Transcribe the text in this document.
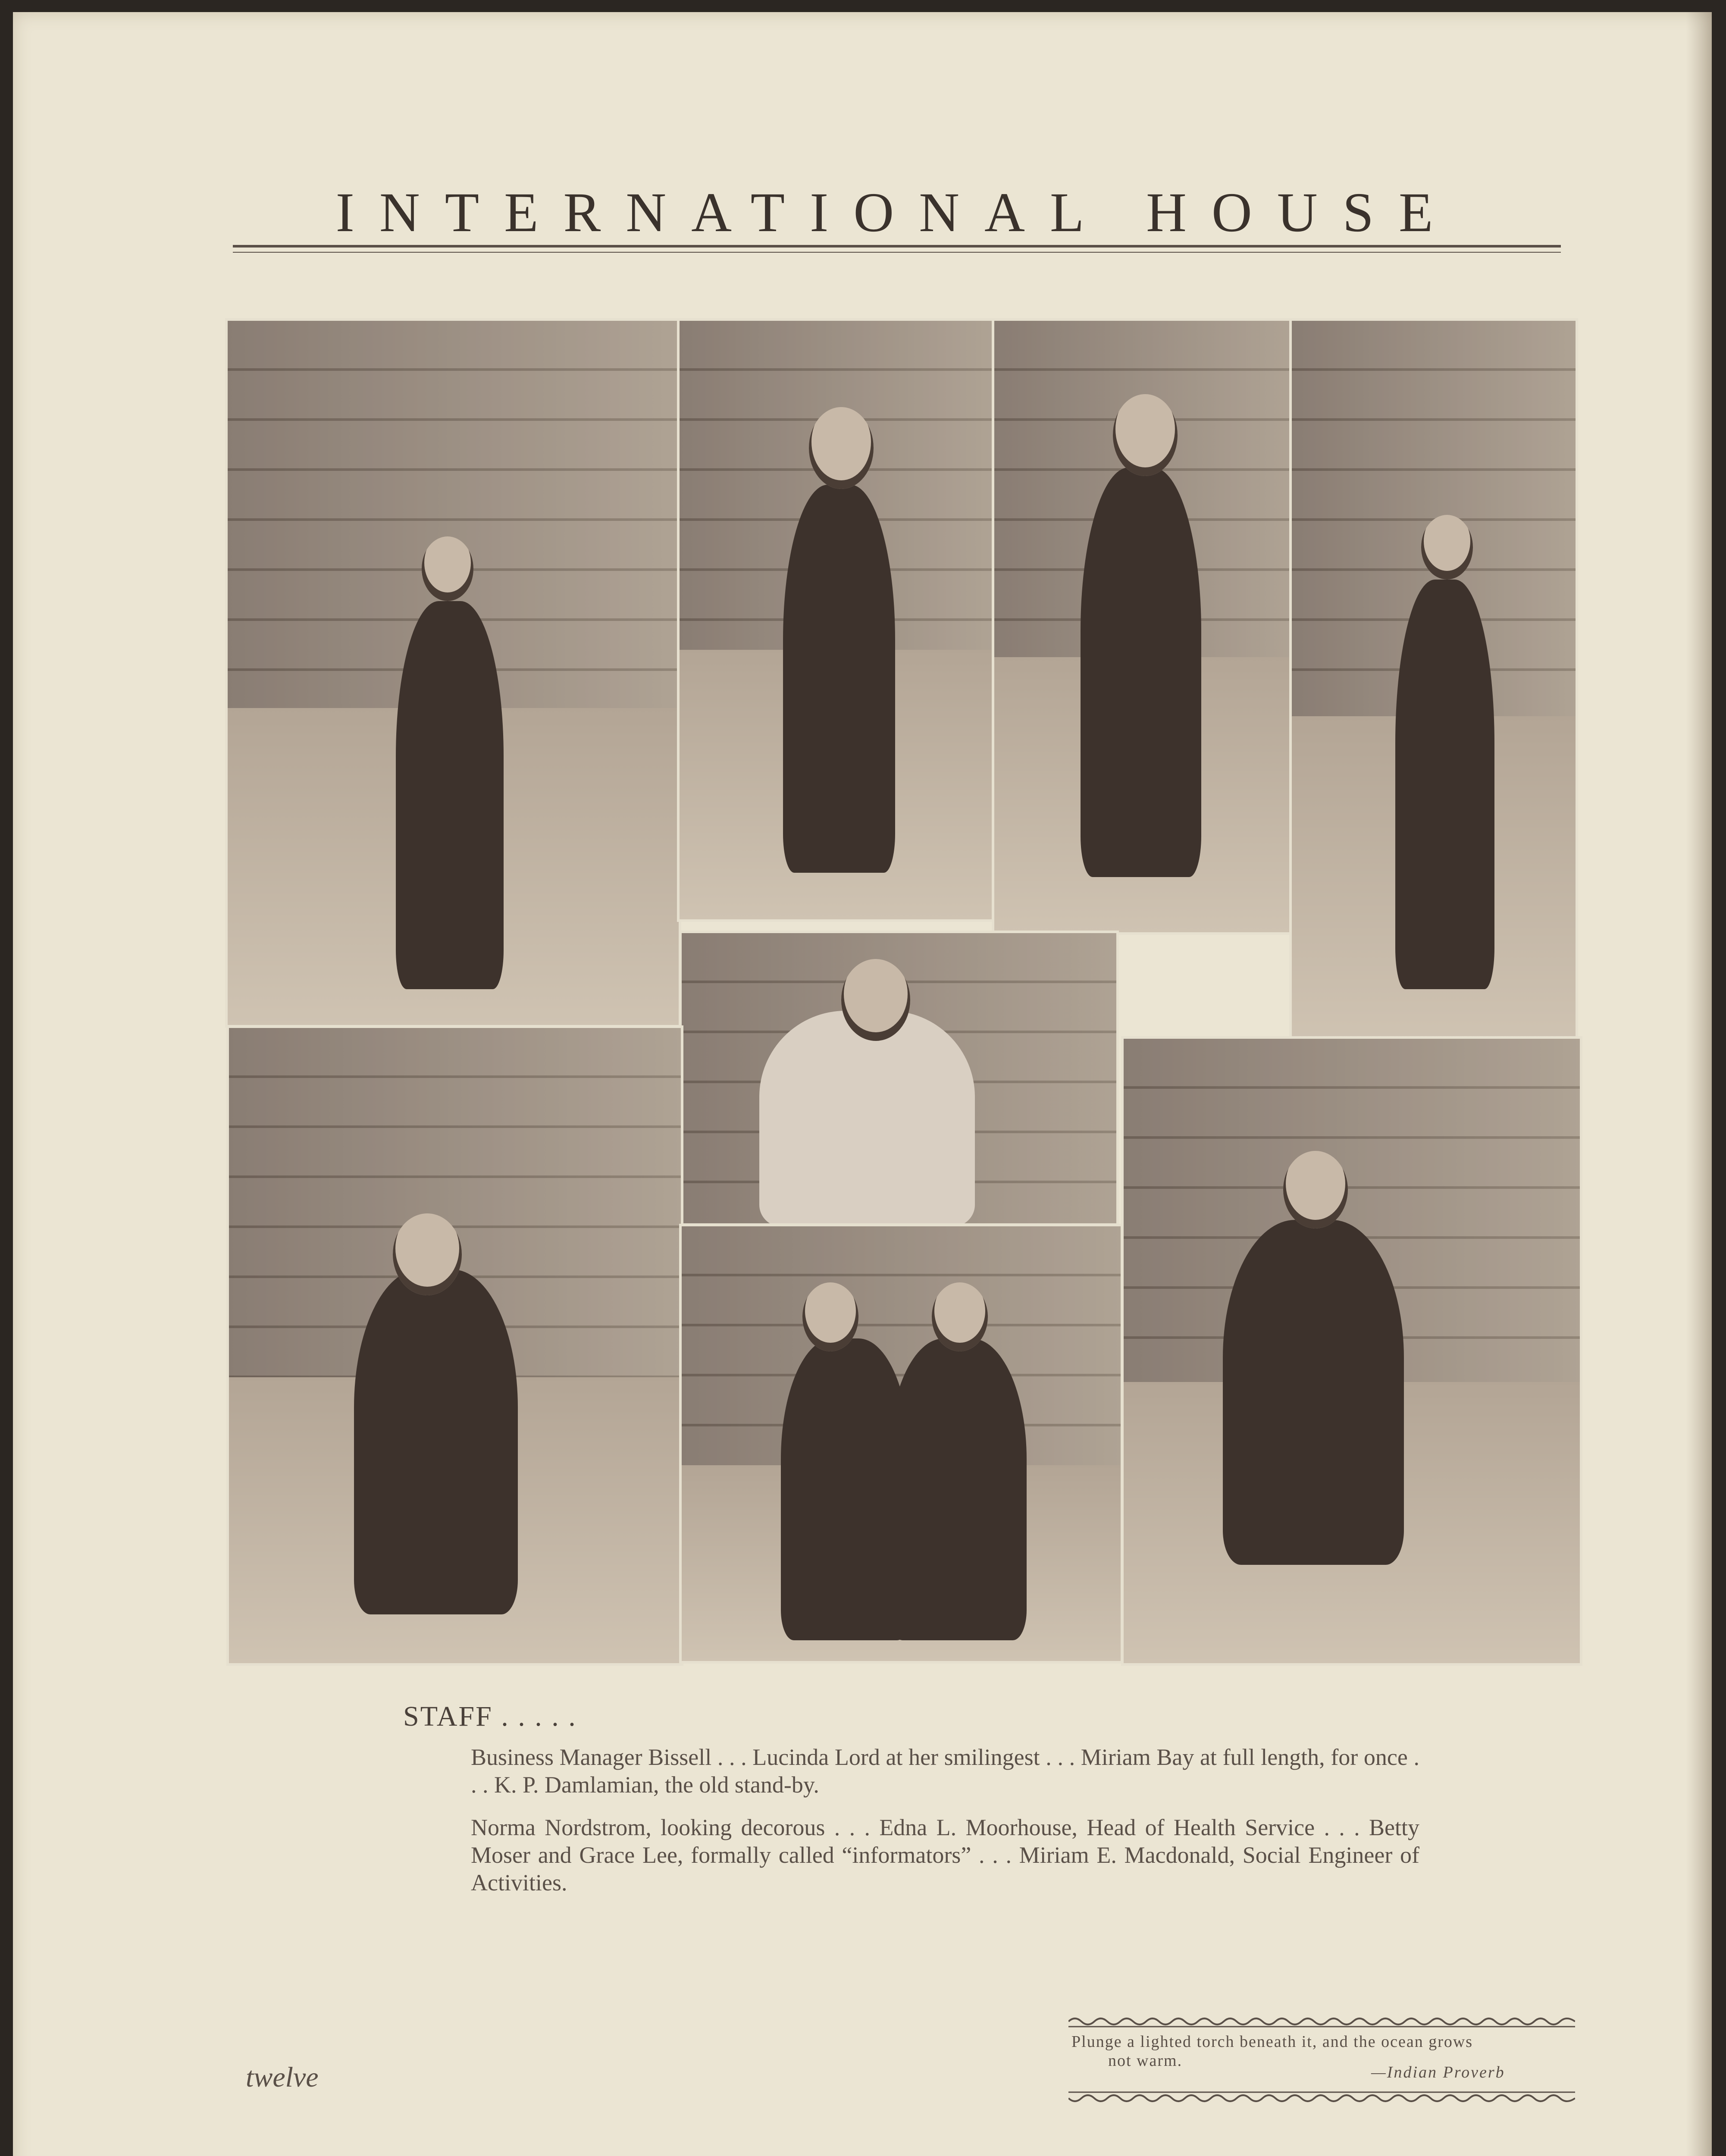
INTERNATIONAL HOUSE
STAFF . . . . .
Business Manager Bissell . . . Lucinda Lord at her smilingest . . . Miriam Bay at full length, for once . . . K. P. Damlamian, the old stand-by.
Norma Nordstrom, looking decorous . . . Edna L. Moorhouse, Head of Health Service . . . Betty Moser and Grace Lee, formally called “informators” . . . Miriam E. Macdonald, Social Engineer of Activities.
twelve
Plunge a lighted torch beneath it, and the ocean grows
not warm.
—Indian Proverb
